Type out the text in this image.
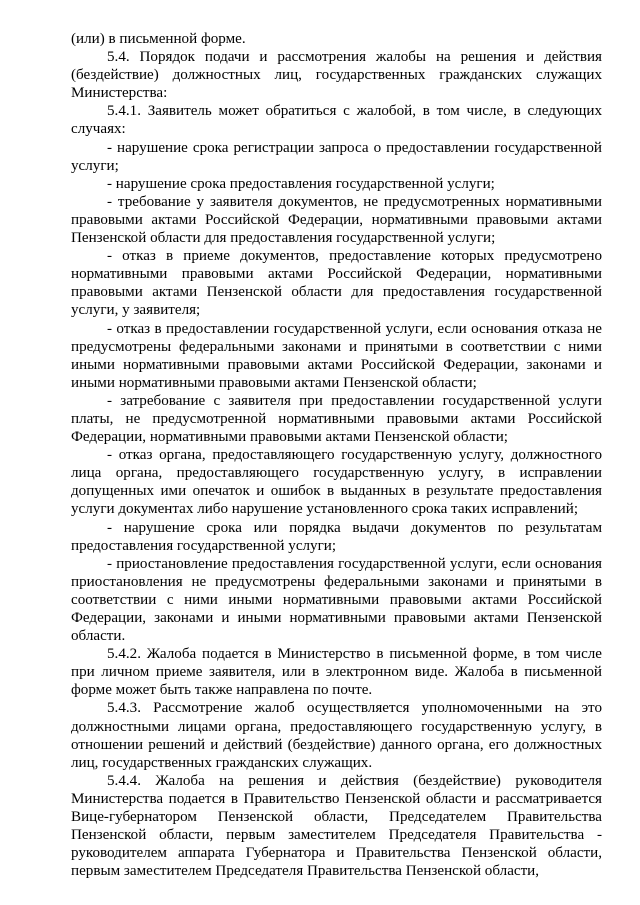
(или) в письменной форме.

5.4. Порядок подачи и рассмотрения жалобы на решения и действия (бездействие) должностных лиц, государственных гражданских служащих Министерства:

5.4.1. Заявитель может обратиться с жалобой, в том числе, в следующих случаях:

- нарушение срока регистрации запроса о предоставлении государственной услуги;

- нарушение срока предоставления государственной услуги;

- требование у заявителя документов, не предусмотренных нормативными правовыми актами Российской Федерации, нормативными правовыми актами Пензенской области для предоставления государственной услуги;

- отказ в приеме документов, предоставление которых предусмотрено нормативными правовыми актами Российской Федерации, нормативными правовыми актами Пензенской области для предоставления государственной услуги, у заявителя;

- отказ в предоставлении государственной услуги, если основания отказа не предусмотрены федеральными законами и принятыми в соответствии с ними иными нормативными правовыми актами Российской Федерации, законами и иными нормативными правовыми актами Пензенской области;

- затребование с заявителя при предоставлении государственной услуги платы, не предусмотренной нормативными правовыми актами Российской Федерации, нормативными правовыми актами Пензенской области;

- отказ органа, предоставляющего государственную услугу, должностного лица органа, предоставляющего государственную услугу, в исправлении допущенных ими опечаток и ошибок в выданных в результате предоставления услуги документах либо нарушение установленного срока таких исправлений;

- нарушение срока или порядка выдачи документов по результатам предоставления государственной услуги;

- приостановление предоставления государственной услуги, если основания приостановления не предусмотрены федеральными законами и принятыми в соответствии с ними иными нормативными правовыми актами Российской Федерации, законами и иными нормативными правовыми актами Пензенской области.

5.4.2. Жалоба подается в Министерство в письменной форме, в том числе при личном приеме заявителя, или в электронном виде. Жалоба в письменной форме может быть также направлена по почте.

5.4.3. Рассмотрение жалоб осуществляется уполномоченными на это должностными лицами органа, предоставляющего государственную услугу, в отношении решений и действий (бездействие) данного органа, его должностных лиц, государственных гражданских служащих.

5.4.4. Жалоба на решения и действия (бездействие) руководителя Министерства подается в Правительство Пензенской области и рассматривается Вице-губернатором Пензенской области, Председателем Правительства Пензенской области, первым заместителем Председателя Правительства - руководителем аппарата Губернатора и Правительства Пензенской области, первым заместителем Председателя Правительства Пензенской области,
